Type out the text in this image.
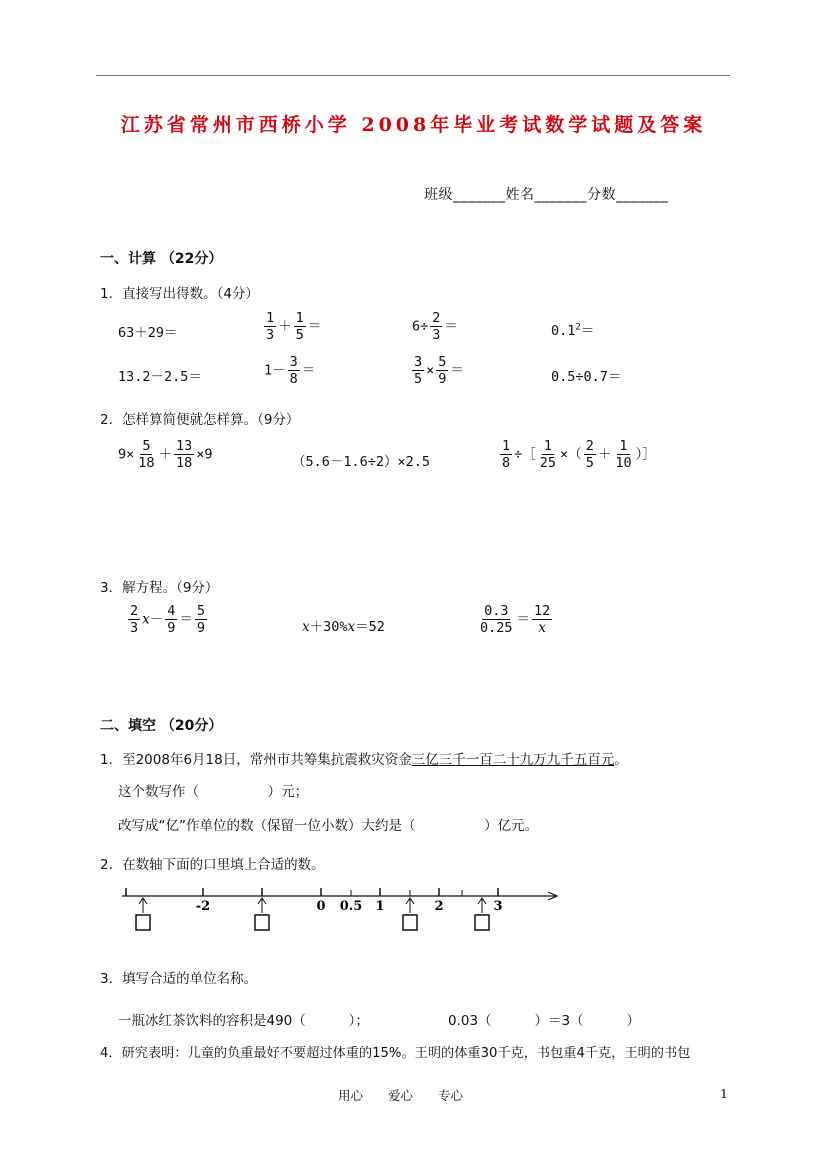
江苏省常州市西桥小学 2008年毕业考试数学试题及答案
班级_______姓名_______分数_______
一、计算 （22分）
1．直接写出得数。（4分）
63＋29＝	$\frac{1}{3} + \frac{1}{5}$ ＝	$6\div \frac{2}{3}$ ＝	$0.1^2=$
13.2－2.5＝	$1- \frac{3}{8}$ ＝	$\frac{3}{5} \times \frac{5}{9}$ ＝	0.5÷0.7＝
2．怎样算简便就怎样算。（9分）
$9\times \frac{5}{18} + \frac{13}{18} \times 9$	（5.6－1.6÷2）×2.5	$\frac{1}{8}$ ÷［ $\frac{1}{25}$ ×（ $\frac{2}{5} + \frac{1}{10}$ ）］
3．解方程。（9分）
$\frac{2}{3} x- \frac{4}{9} = \frac{5}{9}$	x＋30%x＝52	$\frac{0.3}{0.25} = \frac{12}{x}$
二、填空 （20分）
1．至2008年6月18日，常州市共筹集抗震救灾资金三亿三千一百二十九万九千五百元。
这个数写作（                ）元；
改写成“亿”作单位的数（保留一位小数）大约是（                ）亿元。
2．在数轴下面的口里填上合适的数。
-2	0 0.5 1	2	3
3．填写合适的单位名称。
一瓶冰红茶饮料的容积是490（          ）；	0.03（          ）＝3（          ）
4．研究表明：儿童的负重最好不要超过体重的15%。王明的体重30千克，书包重4千克，王明的书包
用心　　爱心　　专心	1
